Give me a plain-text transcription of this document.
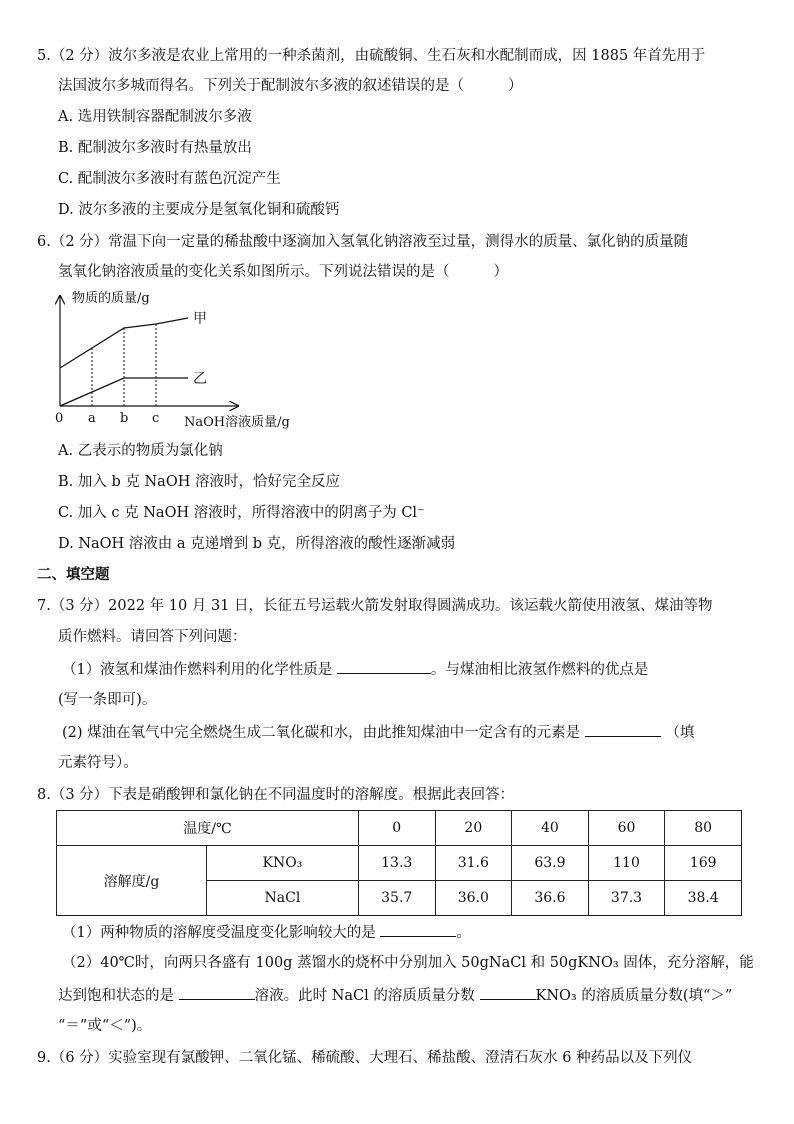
5.（2 分）波尔多液是农业上常用的一种杀菌剂，由硫酸铜、生石灰和水配制而成，因 1885 年首先用于
法国波尔多城而得名。下列关于配制波尔多液的叙述错误的是（	）
A. 选用铁制容器配制波尔多液
B. 配制波尔多液时有热量放出
C. 配制波尔多液时有蓝色沉淀产生
D. 波尔多液的主要成分是氢氧化铜和硫酸钙
6.（2 分）常温下向一定量的稀盐酸中逐滴加入氢氧化钠溶液至过量，测得水的质量、氯化钠的质量随
氢氧化钠溶液质量的变化关系如图所示。下列说法错误的是（	）
物质的质量/g
0	NaOH溶液质量/g
a b c
甲
乙
A. 乙表示的物质为氯化钠
B. 加入 b 克 NaOH 溶液时，恰好完全反应
C. 加入 c 克 NaOH 溶液时，所得溶液中的阴离子为 Cl⁻
D. NaOH 溶液由 a 克递增到 b 克，所得溶液的酸性逐渐减弱
二、填空题
7.（3 分）2022 年 10 月 31 日，长征五号运载火箭发射取得圆满成功。该运载火箭使用液氢、煤油等物
质作燃料。请回答下列问题：
（1）液氢和煤油作燃料利用的化学性质是	。与煤油相比液氢作燃料的优点是
(写一条即可)。
(2) 煤油在氧气中完全燃烧生成二氧化碳和水，由此推知煤油中一定含有的元素是	（填
元素符号）。
8.（3 分）下表是硝酸钾和氯化钠在不同温度时的溶解度。根据此表回答：
温度/℃		0	20	40	60	80
溶解度/g	KNO₃	13.3	31.6	63.9	110	169
	NaCl	35.7	36.0	36.6	37.3	38.4
（1）两种物质的溶解度受温度变化影响较大的是	。
（2）40℃时，向两只各盛有 100g 蒸馏水的烧杯中分别加入 50gNaCl 和 50gKNO₃ 固体，充分溶解，能
达到饱和状态的是	溶液。此时 NaCl 的溶质质量分数	KNO₃ 的溶质质量分数(填“＞”
“＝”或“＜”)。
9.（6 分）实验室现有氯酸钾、二氧化锰、稀硫酸、大理石、稀盐酸、澄清石灰水 6 种药品以及下列仪
